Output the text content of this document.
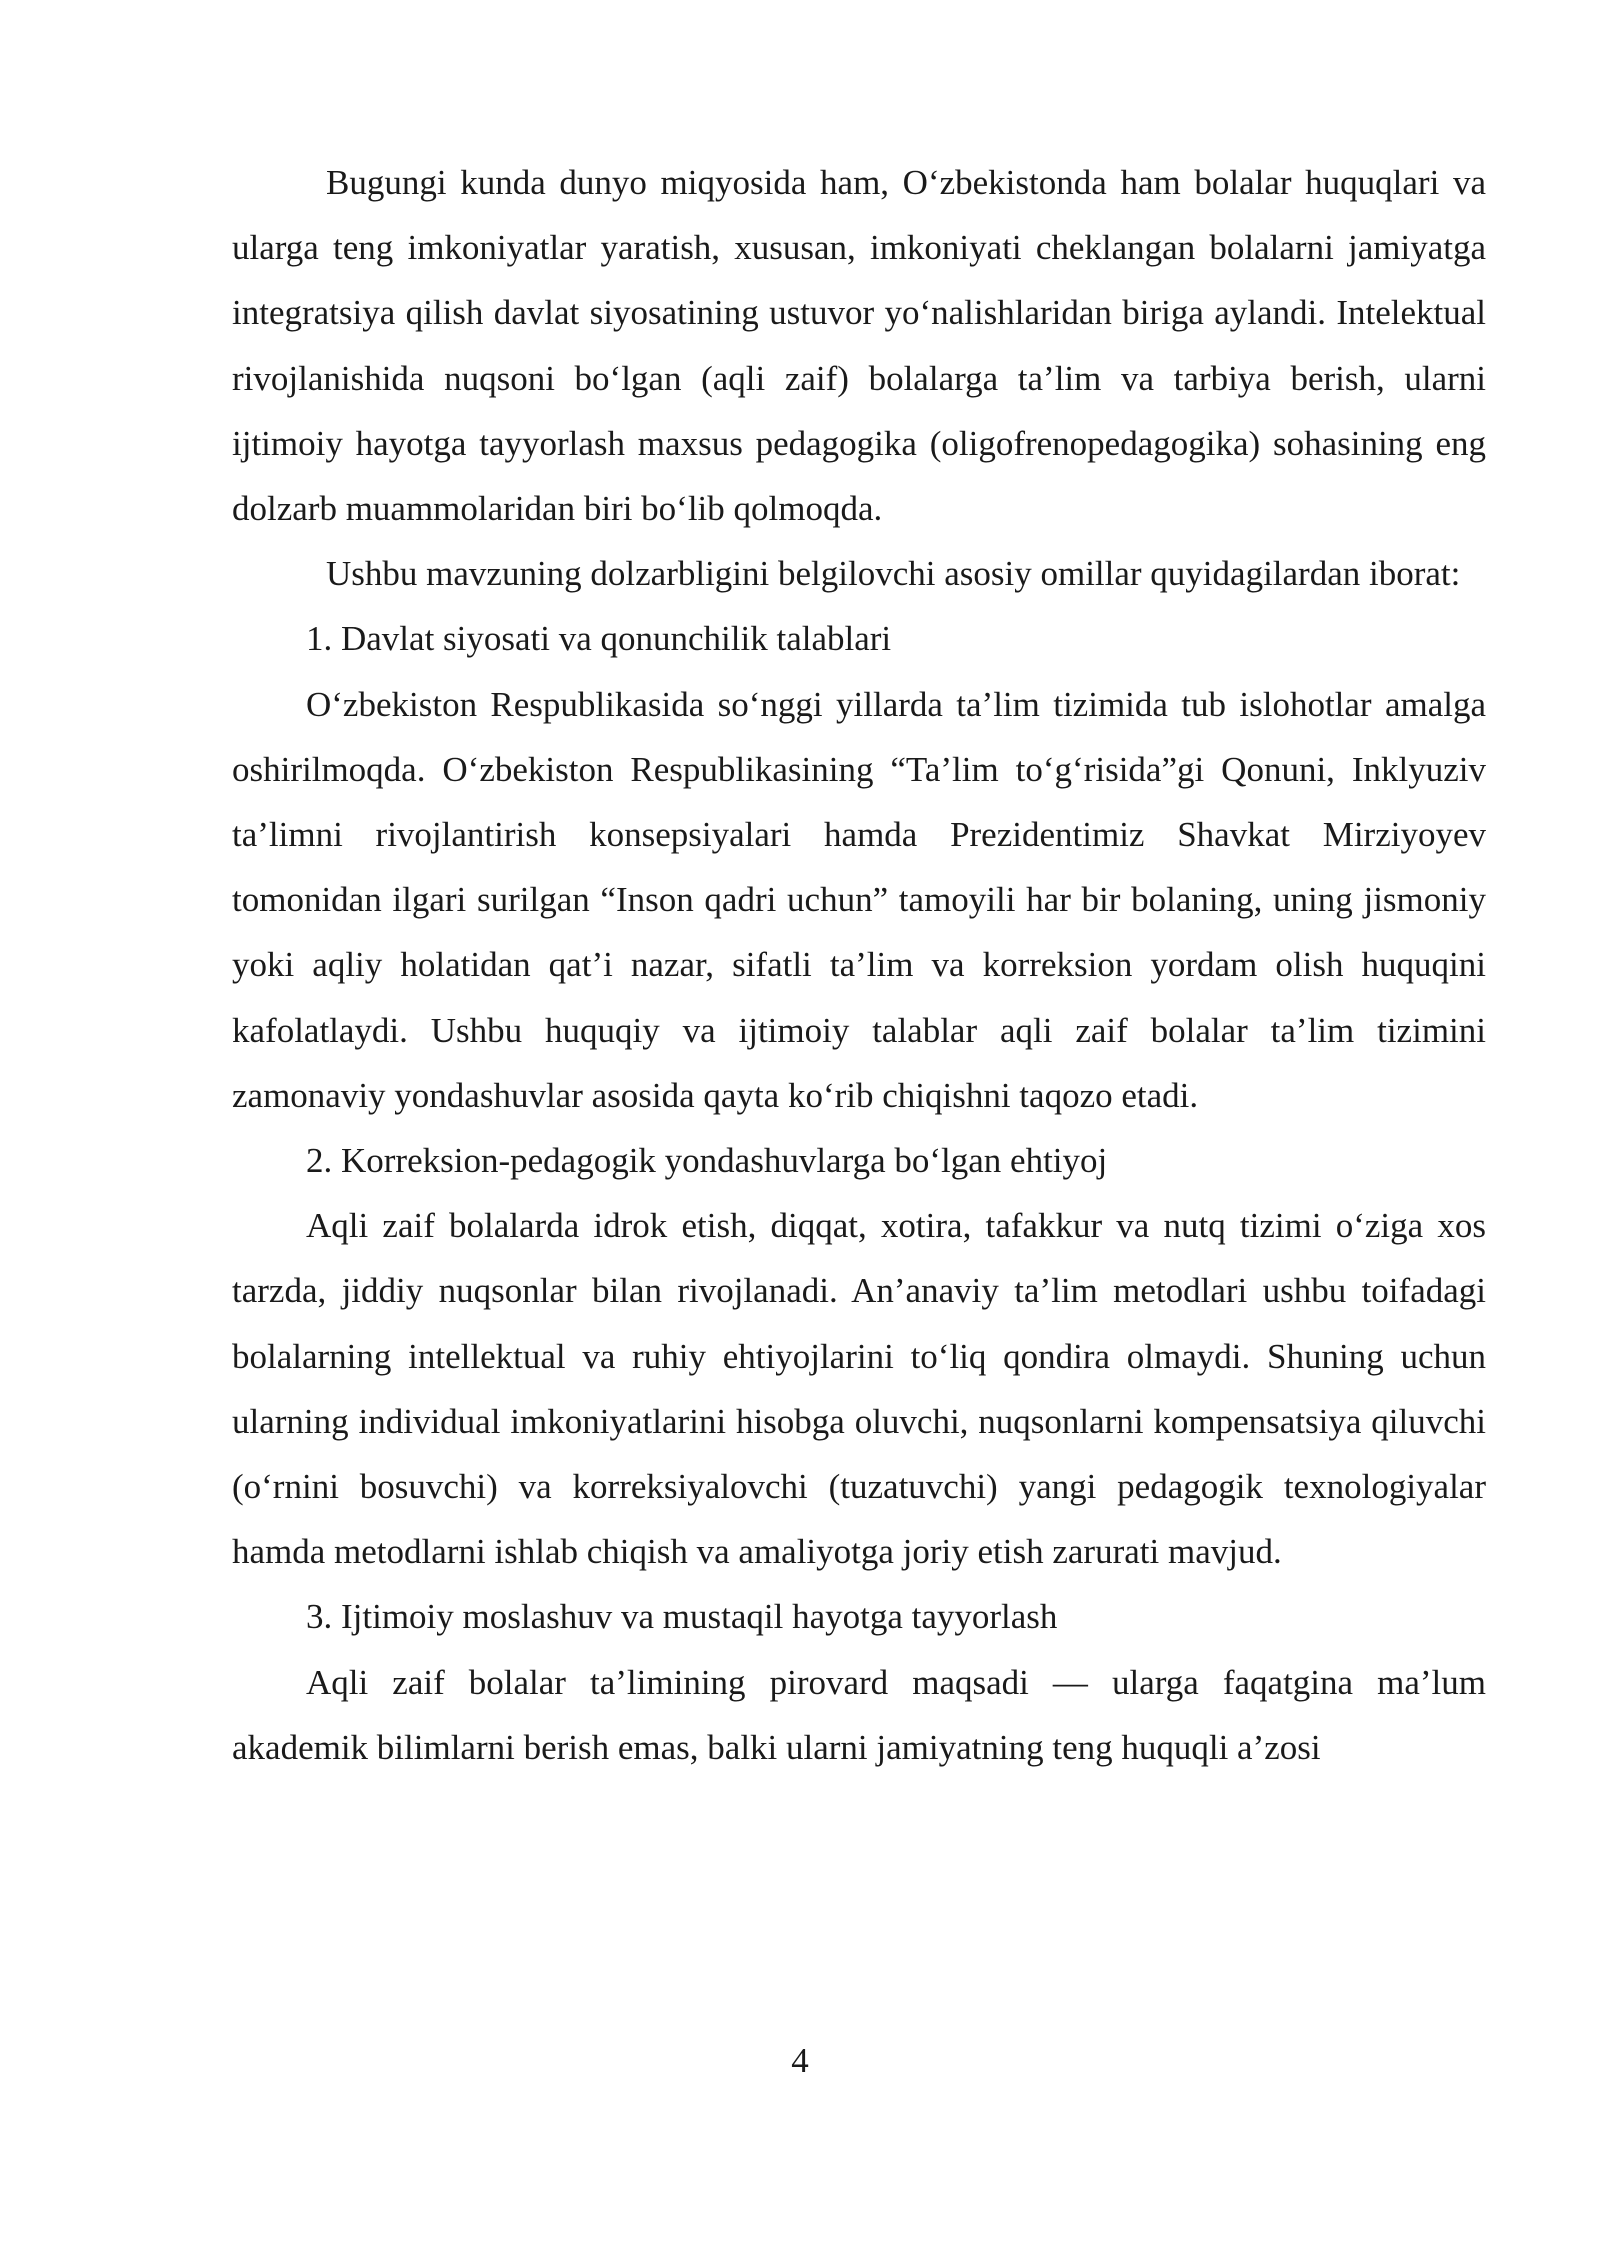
Bugungi kunda dunyo miqyosida ham, O‘zbekistonda ham bolalar huquqlari va ularga teng imkoniyatlar yaratish, xususan, imkoniyati cheklangan bolalarni jamiyatga integratsiya qilish davlat siyosatining ustuvor yo‘nalishlaridan biriga aylandi. Intelektual rivojlanishida nuqsoni bo‘lgan (aqli zaif) bolalarga ta’lim va tarbiya berish, ularni ijtimoiy hayotga tayyorlash maxsus pedagogika (oligofrenopedagogika) sohasining eng dolzarb muammolaridan biri bo‘lib qolmoqda.

Ushbu mavzuning dolzarbligini belgilovchi asosiy omillar quyidagilardan iborat:

1. Davlat siyosati va qonunchilik talablari

O‘zbekiston Respublikasida so‘nggi yillarda ta’lim tizimida tub islohotlar amalga oshirilmoqda. O‘zbekiston Respublikasining “Ta’lim to‘g‘risida”gi Qonuni, Inklyuziv ta’limni rivojlantirish konsepsiyalari hamda Prezidentimiz Shavkat Mirziyoyev tomonidan ilgari surilgan “Inson qadri uchun” tamoyili har bir bolaning, uning jismoniy yoki aqliy holatidan qat’i nazar, sifatli ta’lim va korreksion yordam olish huquqini kafolatlaydi. Ushbu huquqiy va ijtimoiy talablar aqli zaif bolalar ta’lim tizimini zamonaviy yondashuvlar asosida qayta ko‘rib chiqishni taqozo etadi.

2. Korreksion-pedagogik yondashuvlarga bo‘lgan ehtiyoj

Aqli zaif bolalarda idrok etish, diqqat, xotira, tafakkur va nutq tizimi o‘ziga xos tarzda, jiddiy nuqsonlar bilan rivojlanadi. An’anaviy ta’lim metodlari ushbu toifadagi bolalarning intellektual va ruhiy ehtiyojlarini to‘liq qondira olmaydi. Shuning uchun ularning individual imkoniyatlarini hisobga oluvchi, nuqsonlarni kompensatsiya qiluvchi (o‘rnini bosuvchi) va korreksiyalovchi (tuzatuvchi) yangi pedagogik texnologiyalar hamda metodlarni ishlab chiqish va amaliyotga joriy etish zarurati mavjud.

3. Ijtimoiy moslashuv va mustaqil hayotga tayyorlash

Aqli zaif bolalar ta’limining pirovard maqsadi — ularga faqatgina ma’lum akademik bilimlarni berish emas, balki ularni jamiyatning teng huquqli a’zosi

4
